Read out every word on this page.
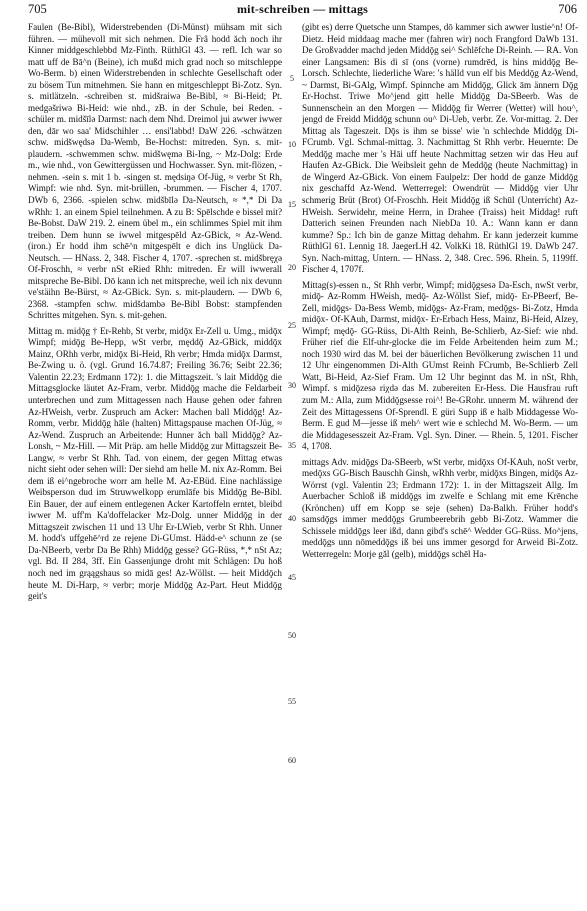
705	mit-schreiben — mittags	706

Faulen (Be-Bibl), Widerstrebenden (Di-Münst) mühsam mit sich führen. — mühevoll mit sich nehmen. Die Frâ hodd ăch noch ihr Kinner middgeschlebbd Mz-Finth. RüthlGl 43. — refl. Ich war so matt uff de Bā^n (Beine), ich mußd mich grad noch so mitschleppe Wo-Berm. b) einen Widerstrebenden in schlechte Gesellschaft oder zu bösem Tun mitnehmen. Sie hann en mitgeschleppt Bi-Zotz. Syn. s. mitlätzeln. -schreiben st. midšraiwə Be-Bibl, ≈ Bi-Heid; Pt. medgəšriwə Bi-Heid: wie nhd., zB. in der Schule, bei Reden. -schüler m. midšīlə Darmst: nach dem Nhd. Dreimol jui awwer iwwer den, dār wo saa' Midschihler … ensi'labbd! DaW 226. -schwätzen schw. midšwędsə Da-Wemb, Be-Hochst: mitreden. Syn. s. mit-plaudern. -schwemmen schw. midšwęmə Bi-Ing, ~ Mz-Dolg: Erde m., wie nhd., von Gewittergüssen und Hochwasser. Syn. mit-flözen, -nehmen. -sein s. mit 1 b. -singen st. mędsiŋə Of-Jüg, ≈ verbr St Rh, Wimpf: wie nhd. Syn. mit-brüllen, -brummen. — Fischer 4, 1707. DWb 6, 2366. -spielen schw. midšbīlə Da-Neutsch, ≈ *,* Di Da wRhh: 1. an einem Spiel teilnehmen. A zu B: Spēlschde e bissel mit? Be-Bobst. DaW 219. 2. einem übel m., ein schlimmes Spiel mit ihm treiben. Dem hunn se iwwel mitgespēld Az-GBick, ≈ Az-Wend. (iron.) Er hodd ihm schē^n mitgespēlt e dich ins Unglück Da-Neutsch. — HNass. 2, 348. Fischer 4, 1707. -sprechen st. midšbręχə Of-Froschh, ≈ verbr nSt eRied Rhh: mitreden. Er will iwwerall mitspreche Be-Bibl. Dō kann ich net mitspreche, weil ich nix devunn ve'stäihn Be-Bürst, ≈ Az-GBick. Syn. s. mit-plaudern. — DWb 6, 2368. -stampfen schw. midšdambə Be-Bibl Bobst: stampfenden Schrittes mitgehen. Syn. s. mit-gehen.

Mittag m. midǭg † Er-Rehb, St verbr, midǭx Er-Zell u. Umg., midǭx Wimpf; midǭg Be-Hepp, wSt verbr, męddǭ Az-GBick, middǭx Mainz, ORhh verbr, midǭx Bi-Heid, Rh verbr; Hmda midǭx Darmst, Be-Zwing u. ö. (vgl. Grund 16.74.87; Freiling 36.76; Seibt 22.36; Valentin 22.23; Erdmann 172): 1. die Mittagszeit. 's lait Middǭg die Mittagsglocke läutet Az-Fram, verbr. Middǭg mache die Feldarbeit unterbrechen und zum Mittagessen nach Hause gehen oder fahren Az-HWeish, verbr. Zuspruch am Acker: Machen ball Middǭg! Az-Romm, verbr. Middǭg hāle (halten) Mittagspause machen Of-Jüg, ≈ Az-Wend. Zuspruch an Arbeitende: Hunner ăch ball Middǭg? Az-Lonsh, ~ Mz-Hill. — Mit Präp. am helle Middǭg zur Mittagszeit Be-Langw, ≈ verbr St Rhh. Tad. von einem, der gegen Mittag etwas nicht sieht oder sehen will: Der siehd am helle M. nix Az-Romm. Bei dem iß ei^ngebroche worr am helle M. Az-EBüd. Eine nachlässige Weibsperson dud im Struwwelkopp erumlāfe bis Middǭg Be-Bibl. Ein Bauer, der auf einem entlegenen Acker Kartoffeln erntet, bleibd iwwer M. uff'm Ka'doffelacker Mz-Dolg. unner Middǭg in der Mittagszeit zwischen 11 und 13 Uhr Er-LWieb, verbr St Rhh. Unner M. hodd's uffgehē^rd ze rejene Di-GUmst. Hädd-e^ schunn ze (se Da-NBeerb, verbr Da Be Rhh) Middǭg gesse? GG-Rüss, *,* nSt Az; vgl. Bd. II 284, 3ff. Ein Gassenjunge droht mit Schlägen: Du hoß noch ned im grąągshaus so midā ges! Az-Wöllst. — heit Middǭch heute M. Di-Harp, ≈ verbr; morje Middǭg Az-Part. Heut Middǭg geit's

5
10
15
20
25
30
35
40
45
50
55
60

(gibt es) derre Quetsche unn Stampes, dō kammer sich awwer lustie^n! Of-Dietz. Heid middaag mache mer (fahren wir) noch Frangford DaWb 131. De Großvadder machd jeden Middǭg sei^ Schlēfche Di-Reinh. — RA. Von einer Langsamen: Bis di sī (ons (vorne) rumdrēd, is hins middǭg Be-Lorsch. Schlechte, liederliche Ware: 's hälld vun elf bis Meddǭg Az-Wend, ~ Darmst, Bi-GAlg, Wimpf. Spinnche am Middǭg, Glick ām ännern Dǭg Er-Hochst. Triwe Mo^jend gitt helle Middǭg Da-SBeerb. Was de Sunnenschein an den Morgen — Middǭg fir Werrer (Wetter) will hou^, jengd de Freidd Middǭg schunn ou^ Di-Ueb, verbr. Ze. Vor-mittag. 2. Der Mittag als Tageszeit. Dǭs is ihm se bisse' wie 'n schlechde Middǭg Di-FCrumb. Vgl. Schmal-mittag. 3. Nachmittag St Rhh verbr. Heuernte: De Meddǭg mache mer 's Hāi uff heute Nachmittag setzen wir das Heu auf Haufen Az-GBick. Die Weibsleit gehn de Meddǭg (heute Nachmittag) in de Wingerd Az-GBick. Von einem Faulpelz: Der hodd de ganze Middǭg nix geschaffd Az-Wend. Wetterregel: Owendrüt — Middǭg vier Uhr schmerig Brüt (Brot) Of-Froschh. Heit Middǭg iß Schūl (Unterricht) Az-HWeish. Serwidehr, meine Herrn, in Drahee (Traiss) heit Middag! ruft Datterich seinen Freunden nach NiebDa 10. A.: Wann kann er dann kumme? Sp.: Ich bin de ganze Mittag dehahm. Er kann jederzeit kumme RüthlGl 61. Lennig 18. JaegerLH 42. VolkKi 18. RüthlGl 19. DaWb 247. Syn. Nach-mittag, Untern. — HNass. 2, 348. Crec. 596. Rhein. 5, 1199ff. Fischer 4, 1707f.

Mittag(s)-essen n., St Rhh verbr, Wimpf; midǭgsesə Da-Esch, nwSt verbr, midǭ- Az-Romm HWeish, medǭ- Az-Wöllst Sief, midǭ- Er-PBeerf, Be-Zell, midǭgs- Da-Bess Wemb, midǭgs- Az-Fram, medǭgs- Bi-Zotz, Hmda midǭx- Of-KAuh, Darmst, midǭx- Er-Erbach Hess, Mainz, Bi-Heid, Alzey, Wimpf; mędǭ- GG-Rüss, Di-Alth Reinh, Be-Schlierb, Az-Sief: wie nhd. Früher rief die Elf-uhr-glocke die im Felde Arbeitenden heim zum M.; noch 1930 wird das M. bei der bäuerlichen Bevölkerung zwischen 11 und 12 Uhr eingenommen Di-Alth GUmst Reinh FCrumb, Be-Schlierb Zell Watt, Bi-Heid, Az-Sief Fram. Um 12 Uhr beginnt das M. in nSt, Rhh, Wimpf. s midǭzesə riχdə das M. zubereiten Er-Hess. Die Hausfrau ruft zum M.: Alla, zum Middǭgsesse roi^! Be-GRohr. unnerm M. während der Zeit des Mittagessens Of-Sprendl. E güri Supp iß e halb Middagesse Wo-Berm. E gud M—jesse iß meh^ wert wie e schlechd M. Wo-Berm. — um die Middagesesszeit Az-Fram. Vgl. Syn. Diner. — Rhein. 5, 1201. Fischer 4, 1708.

mittags Adv. midǭgs Da-SBeerb, wSt verbr, midǭxs Of-KAuh, noSt verbr, medǭxs GG-Bisch Bauschh Ginsh, wRhh verbr, midǭxs Bingen, midǭs Az-Wörrst (vgl. Valentin 23; Erdmann 172): 1. in der Mittagszeit Allg. Im Auerbacher Schloß iß middǭgs im zwelfe e Schlang mit eme Krēnche (Krönchen) uff em Kopp se seje (sehen) Da-Balkh. Früher hodd's samsdǭgs immer meddǭgs Grumbeerebrih gebb Bi-Zotz. Wammer die Schissele middǭgs leer ißd, dann gibd's schē^ Wedder GG-Rüss. Mo^jens, meddǭgs unn nōmeddǭgs iß bei uns immer gesorgd for Arweid Bi-Zotz. Wetterregeln: Morje gǎl (gelb), middǭgs schēl Ha-
